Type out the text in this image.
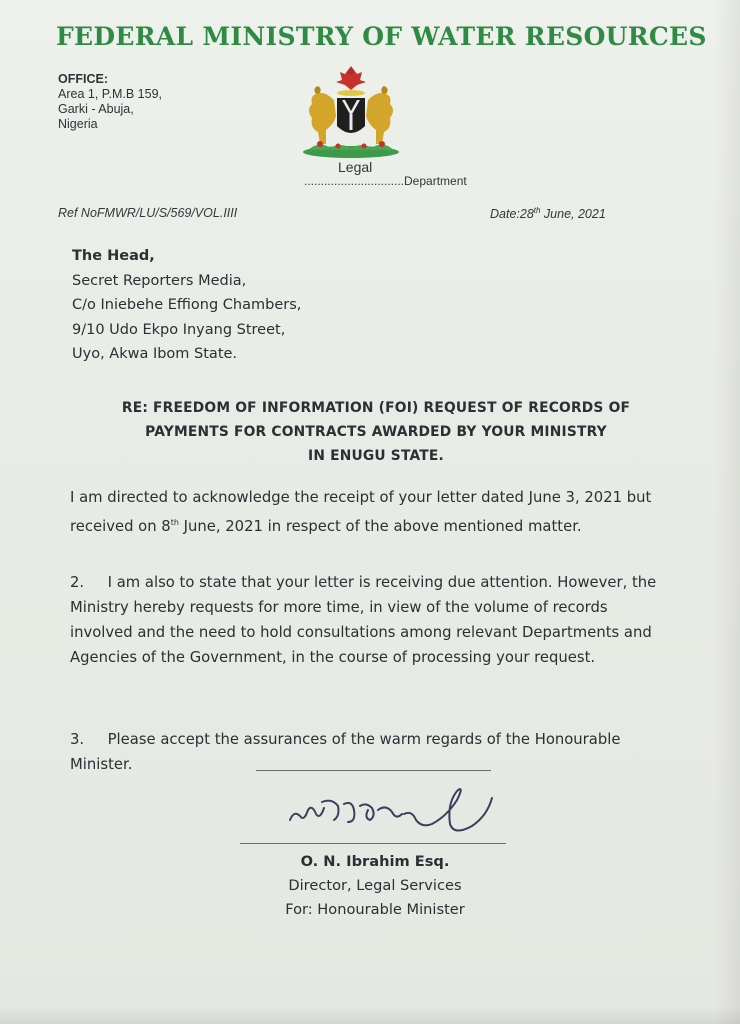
FEDERAL MINISTRY OF WATER RESOURCES
OFFICE:
Area 1, P.M.B 159,
Garki - Abuja,
Nigeria
Legal
..............................Department
Ref NoFMWR/LU/S/569/VOL.IIII	Date:28th June, 2021
The Head,
Secret Reporters Media,
C/o Iniebehe Effiong Chambers,
9/10 Udo Ekpo Inyang Street,
Uyo, Akwa Ibom State.
RE: FREEDOM OF INFORMATION (FOI) REQUEST OF RECORDS OF
PAYMENTS FOR CONTRACTS AWARDED BY YOUR MINISTRY
IN ENUGU STATE.
I am directed to acknowledge the receipt of your letter dated June 3, 2021 but received on 8th June, 2021 in respect of the above mentioned matter.
2.     I am also to state that your letter is receiving due attention. However, the Ministry hereby requests for more time, in view of the volume of records involved and the need to hold consultations among relevant Departments and Agencies of the Government, in the course of processing your request.
3.     Please accept the assurances of the warm regards of the Honourable Minister.
O. N. Ibrahim Esq.
Director, Legal Services
For: Honourable Minister
